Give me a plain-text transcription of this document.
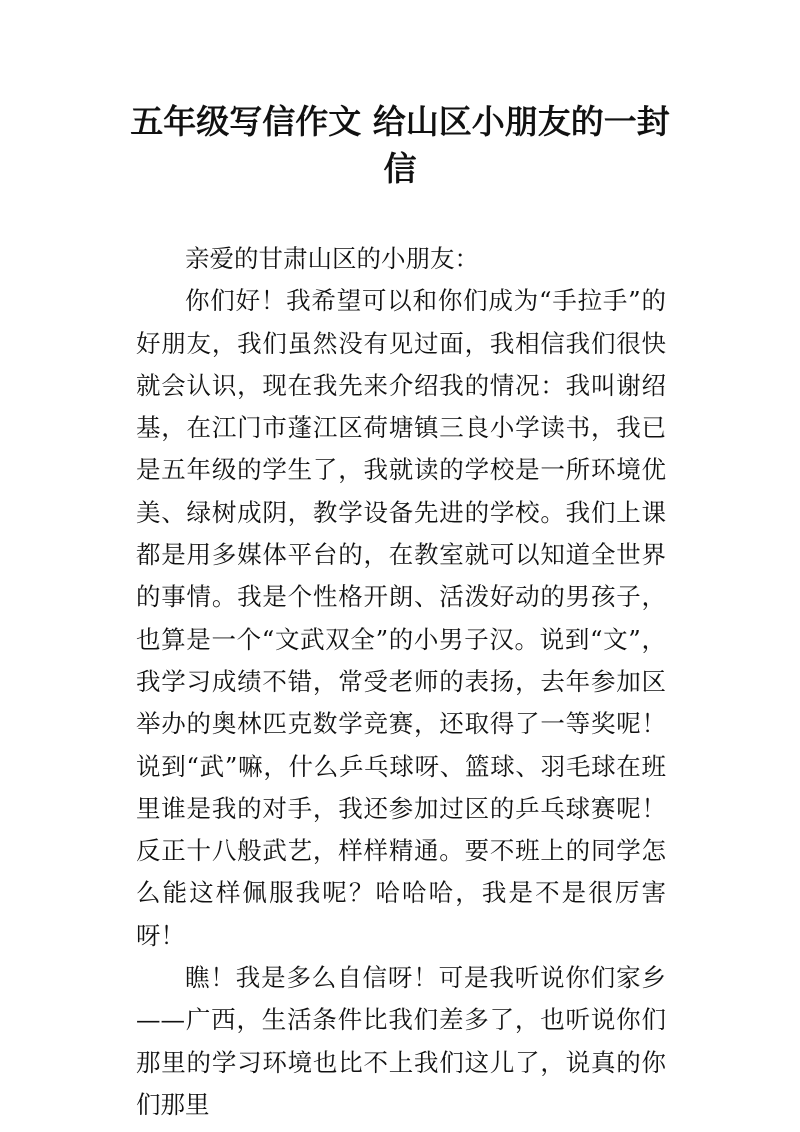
五年级写信作文 给山区小朋友的一封信

亲爱的甘肃山区的小朋友：

你们好！我希望可以和你们成为“手拉手”的好朋友，我们虽然没有见过面，我相信我们很快就会认识，现在我先来介绍我的情况：我叫谢绍基，在江门市蓬江区荷塘镇三良小学读书，我已是五年级的学生了，我就读的学校是一所环境优美、绿树成阴，教学设备先进的学校。我们上课都是用多媒体平台的，在教室就可以知道全世界的事情。我是个性格开朗、活泼好动的男孩子，也算是一个“文武双全”的小男子汉。说到“文”，我学习成绩不错，常受老师的表扬，去年参加区举办的奥林匹克数学竞赛，还取得了一等奖呢！说到“武”嘛，什么乒乓球呀、篮球、羽毛球在班里谁是我的对手，我还参加过区的乒乓球赛呢！反正十八般武艺，样样精通。要不班上的同学怎么能这样佩服我呢？哈哈哈，我是不是很厉害呀！

瞧！我是多么自信呀！可是我听说你们家乡——广西，生活条件比我们差多了，也听说你们那里的学习环境也比不上我们这儿了，说真的你们那里
